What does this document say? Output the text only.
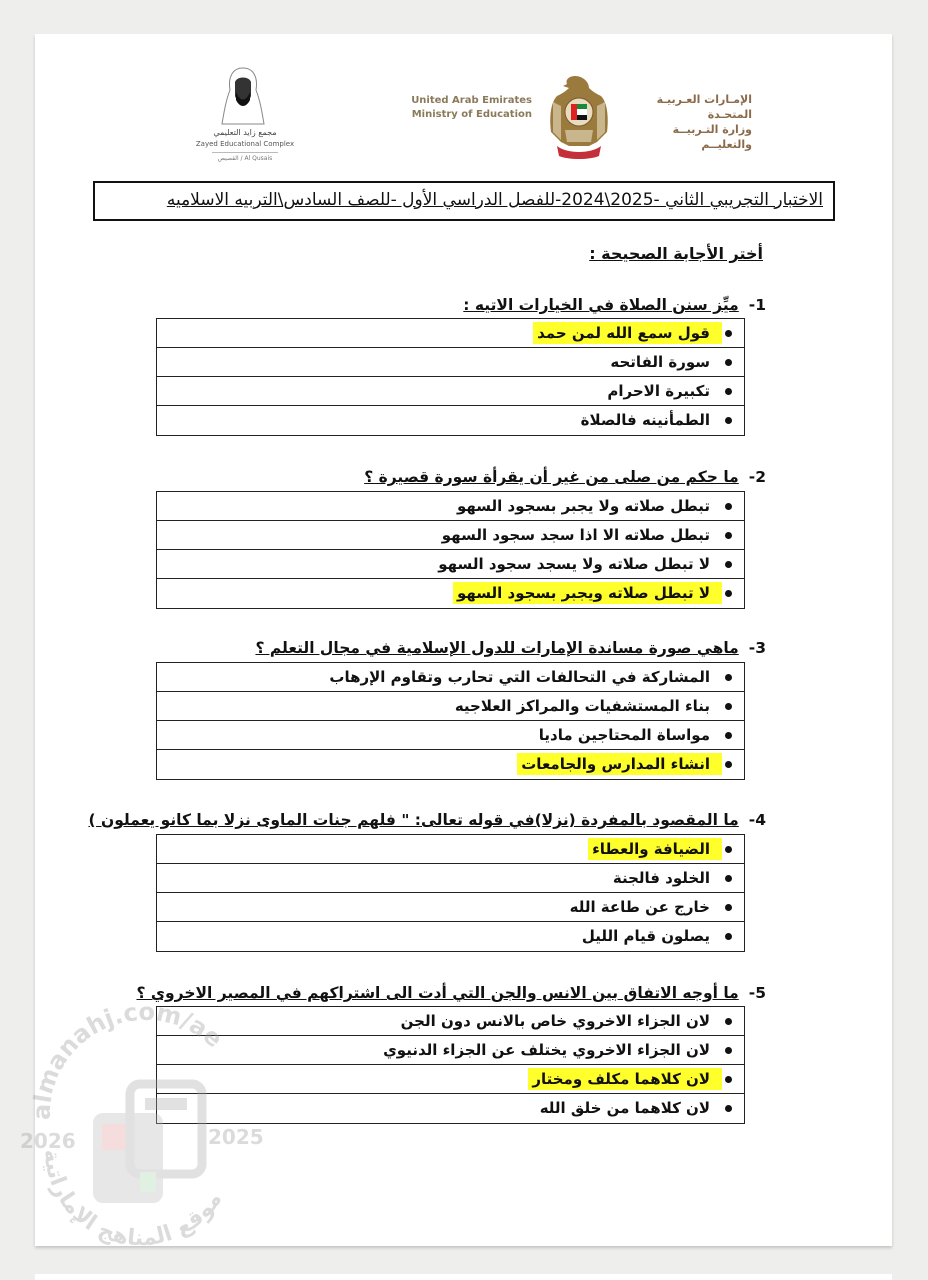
مجمع زايد التعليمي
Zayed Educational Complex
القصيص / Al Qusais
United Arab Emirates
Ministry of Education
الإمـارات العـربيـة المتحـدة
وزارة التـربيــة والتعليــم
الاختبار التجريبي الثاني -2025\2024-للفصل الدراسي الأول -للصف السادس\التربيه الاسلاميه
أختر الأجابة الصحيحة :
1-ميِّز سنن الصلاة في الخيارات الاتيه :
قول سمع الله لمن حمد
سورة الفاتحه
تكبيرة الاحرام
الطمأنينه فالصلاة
2-ما حكم من صلى من غير أن يقرأة سورة قصيرة ؟
تبطل صلاته ولا يجبر بسجود السهو
تبطل صلاته الا اذا سجد سجود السهو
لا تبطل صلاته ولا يسجد سجود السهو
لا تبطل صلاته ويجبر بسجود السهو
3-ماهي صورة مساندة الإمارات للدول الإسلامية في مجال التعلم ؟
المشاركة في التحالفات التي تحارب وتقاوم الإرهاب
بناء المستشفيات والمراكز العلاجيه
مواساة المحتاجين ماديا
انشاء المدارس والجامعات
4-ما المقصود بالمفردة (نزلا)في قوله تعالى: " فلهم جنات الماوى نزلا بما كانو يعملون )
الضيافة والعطاء
الخلود فالجنة
خارج عن طاعة الله
يصلون قيام الليل
5-ما أوجه الاتفاق بين الانس والجن التي أدت الى اشتراكهم في المصير الاخروي ؟
لان الجزاء الاخروي خاص بالانس دون الجن
لان الجزاء الاخروي يختلف عن الجزاء الدنيوي
لان كلاهما مكلف ومختار
لان كلاهما من خلق الله
almanahj.com/ae
2026	2025
موقع المناهج الإماراتية
